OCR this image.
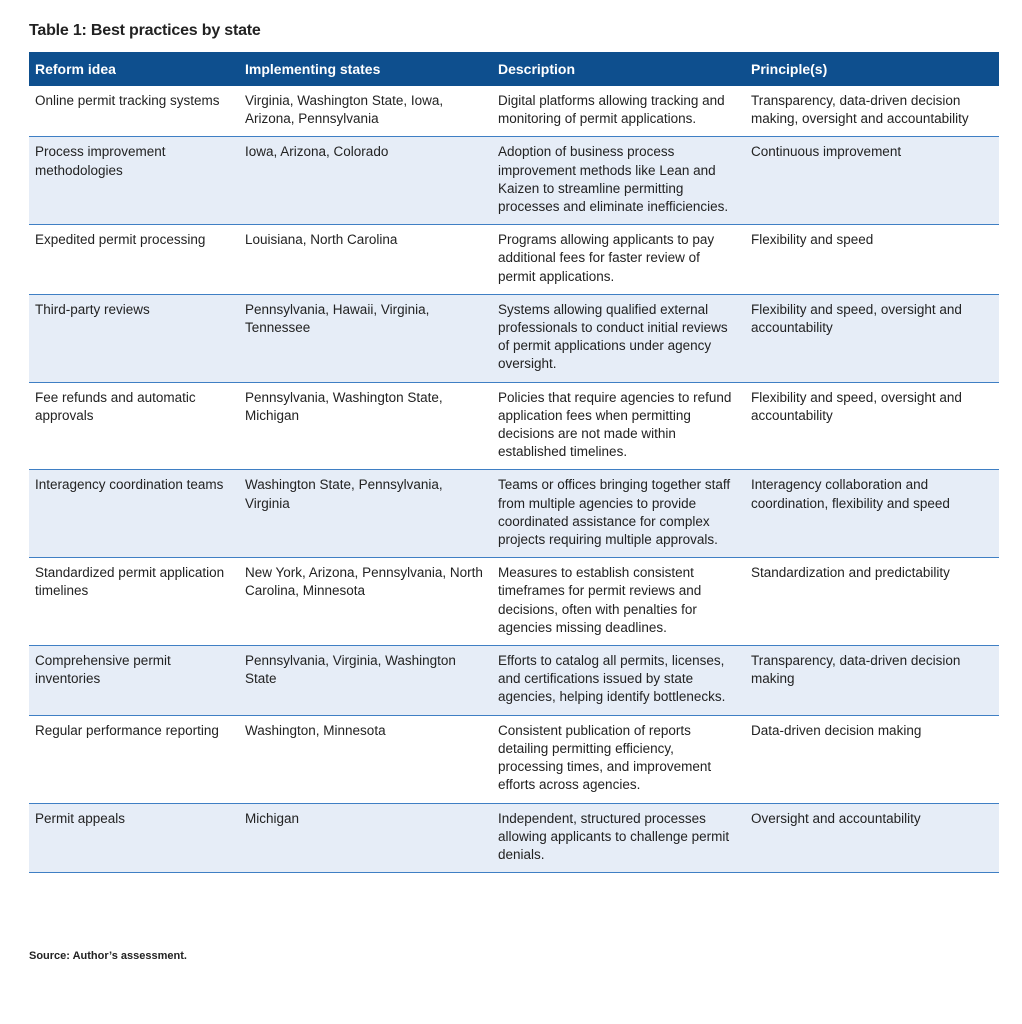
Table 1: Best practices by state
Reform idea	Implementing states	Description	Principle(s)
Online permit tracking systems	Virginia, Washington State, Iowa, Arizona, Pennsylvania	Digital platforms allowing tracking and monitoring of permit applications.	Transparency, data-driven decision making, oversight and accountability
Process improvement methodologies	Iowa, Arizona, Colorado	Adoption of business process improvement methods like Lean and Kaizen to streamline permitting processes and eliminate inefficiencies.	Continuous improvement
Expedited permit processing	Louisiana, North Carolina	Programs allowing applicants to pay additional fees for faster review of permit applications.	Flexibility and speed
Third-party reviews	Pennsylvania, Hawaii, Virginia, Tennessee	Systems allowing qualified external professionals to conduct initial reviews of permit applications under agency oversight.	Flexibility and speed, oversight and accountability
Fee refunds and automatic approvals	Pennsylvania, Washington State, Michigan	Policies that require agencies to refund application fees when permitting decisions are not made within established timelines.	Flexibility and speed, oversight and accountability
Interagency coordination teams	Washington State, Pennsylvania, Virginia	Teams or offices bringing together staff from multiple agencies to provide coordinated assistance for complex projects requiring multiple approvals.	Interagency collaboration and coordination, flexibility and speed
Standardized permit application timelines	New York, Arizona, Pennsylvania, North Carolina, Minnesota	Measures to establish consistent timeframes for permit reviews and decisions, often with penalties for agencies missing deadlines.	Standardization and predictability
Comprehensive permit inventories	Pennsylvania, Virginia, Washington State	Efforts to catalog all permits, licenses, and certifications issued by state agencies, helping identify bottlenecks.	Transparency, data-driven decision making
Regular performance reporting	Washington, Minnesota	Consistent publication of reports detailing permitting efficiency, processing times, and improvement efforts across agencies.	Data-driven decision making
Permit appeals	Michigan	Independent, structured processes allowing applicants to challenge permit denials.	Oversight and accountability
Source: Author’s assessment.
